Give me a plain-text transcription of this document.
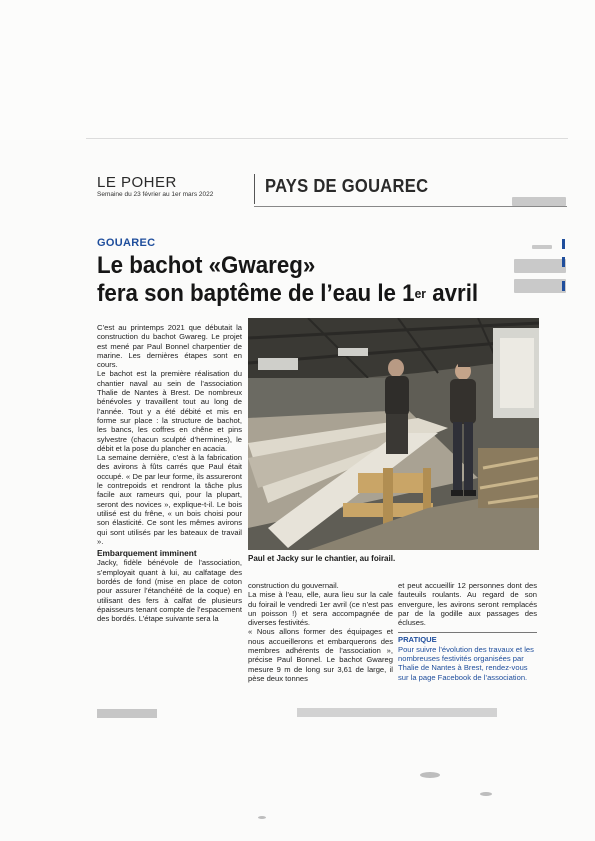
LE POHER
Semaine du 23 février au 1er mars 2022	PAYS DE GOUAREC
GOUAREC
Le bachot «Gwareg»
fera son baptême de l’eau le 1er avril

C’est au printemps 2021 que débutait la construction du bachot Gwareg. Le projet est mené par Paul Bonnel charpentier de marine. Les dernières étapes sont en cours.

Le bachot est la première réalisation du chantier naval au sein de l’association Thalie de Nantes à Brest. De nombreux bénévoles y travaillent tout au long de l’année. Tout y a été débité et mis en forme sur place : la structure de bachot, les bancs, les coffres en chêne et pins sylvestre (chacun sculpté d’hermines), le débit et la pose du plancher en acacia.

La semaine dernière, c’est à la fabrication des avirons à fûts carrés que Paul était occupé. « De par leur forme, ils assureront le contrepoids et rendront la tâche plus facile aux rameurs qui, pour la plupart, seront des novices », explique-t-il. Le bois utilisé est du frêne, « un bois choisi pour son élasticité. Ce sont les mêmes avirons qui sont utilisés par les bateaux de travail ».

Embarquement imminent

Jacky, fidèle bénévole de l’association, s’employait quant à lui, au calfatage des bordés de fond (mise en place de coton pour assurer l’étanchéité de la coque) en utilisant des fers à calfat de plusieurs épaisseurs tenant compte de l’espacement des bordés. L’étape suivante sera la

Paul et Jacky sur le chantier, au foirail.

construction du gouvernail.

La mise à l’eau, elle, aura lieu sur la cale du foirail le vendredi 1er avril (ce n’est pas un poisson !) et sera accompagnée de diverses festivités.

« Nous allons former des équipages et nous accueillerons et embarquerons des membres adhérents de l’association », précise Paul Bonnel. Le bachot Gwareg mesure 9 m de long sur 3,61 de large, il pèse deux tonnes

et peut accueillir 12 personnes dont des fauteuils roulants. Au regard de son envergure, les avirons seront remplacés par de la godille aux passages des écluses.

PRATIQUE

Pour suivre l’évolution des travaux et les nombreuses festivités organisées par Thalie de Nantes à Brest, rendez-vous sur la page Facebook de l’association.
